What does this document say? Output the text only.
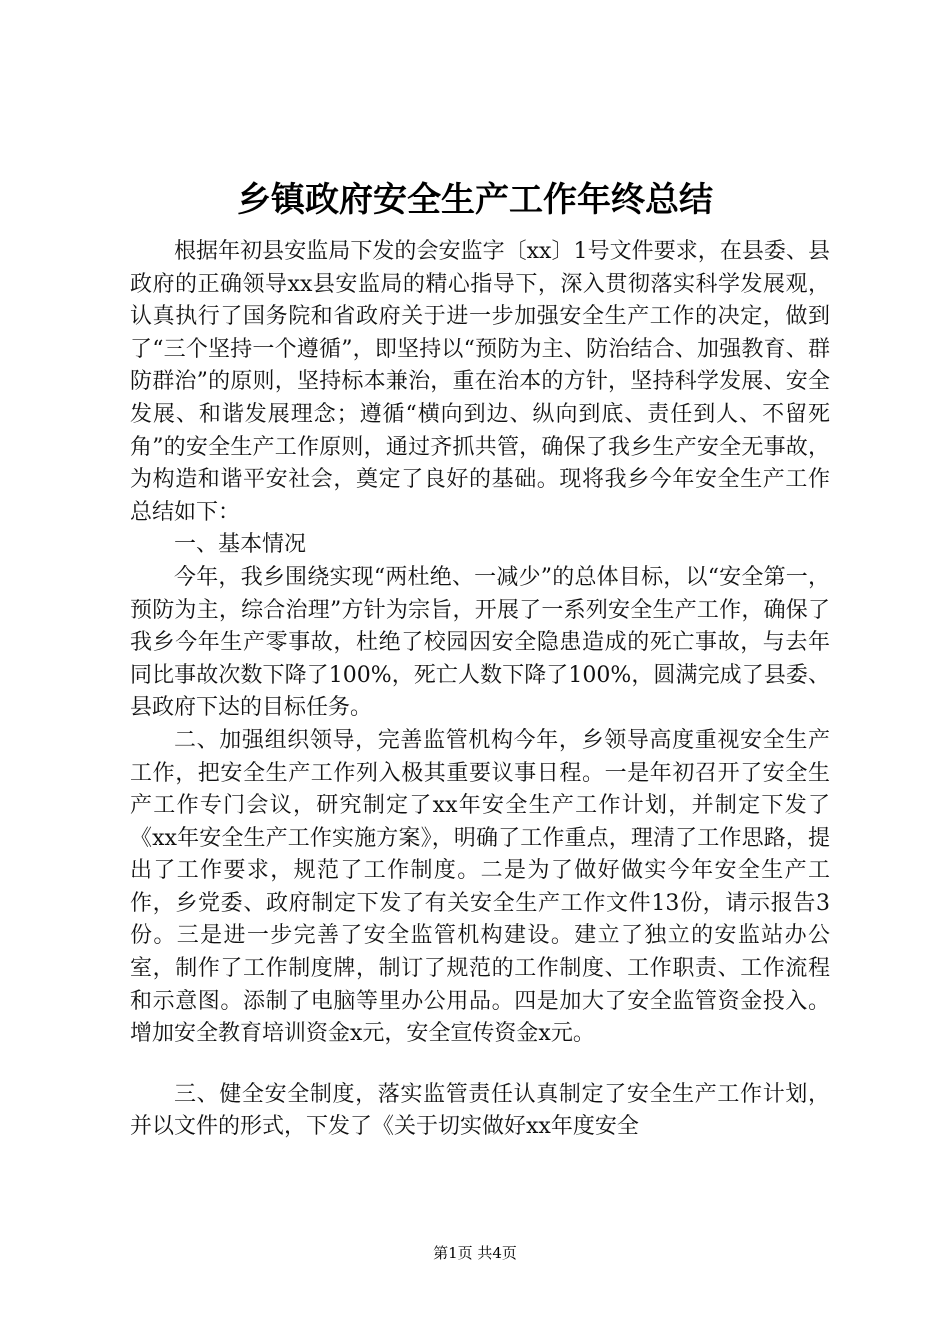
乡镇政府安全生产工作年终总结

根据年初县安监局下发的会安监字〔xx〕1号文件要求，在县委、县政府的正确领导xx县安监局的精心指导下，深入贯彻落实科学发展观，认真执行了国务院和省政府关于进一步加强安全生产工作的决定，做到了“三个坚持一个遵循”，即坚持以“预防为主、防治结合、加强教育、群防群治”的原则，坚持标本兼治，重在治本的方针，坚持科学发展、安全发展、和谐发展理念；遵循“横向到边、纵向到底、责任到人、不留死角”的安全生产工作原则，通过齐抓共管，确保了我乡生产安全无事故，为构造和谐平安社会，奠定了良好的基础。现将我乡今年安全生产工作总结如下：

一、基本情况

今年，我乡围绕实现“两杜绝、一减少”的总体目标，以“安全第一，预防为主，综合治理”方针为宗旨，开展了一系列安全生产工作，确保了我乡今年生产零事故，杜绝了校园因安全隐患造成的死亡事故，与去年同比事故次数下降了100%，死亡人数下降了100%，圆满完成了县委、县政府下达的目标任务。

二、加强组织领导，完善监管机构今年，乡领导高度重视安全生产工作，把安全生产工作列入极其重要议事日程。一是年初召开了安全生产工作专门会议，研究制定了xx年安全生产工作计划，并制定下发了《xx年安全生产工作实施方案》，明确了工作重点，理清了工作思路，提出了工作要求，规范了工作制度。二是为了做好做实今年安全生产工作，乡党委、政府制定下发了有关安全生产工作文件13份，请示报告3份。三是进一步完善了安全监管机构建设。建立了独立的安监站办公室，制作了工作制度牌，制订了规范的工作制度、工作职责、工作流程和示意图。添制了电脑等里办公用品。四是加大了安全监管资金投入。增加安全教育培训资金x元，安全宣传资金x元。

三、健全安全制度，落实监管责任认真制定了安全生产工作计划，并以文件的形式，下发了《关于切实做好xx年度安全

第1页 共4页
